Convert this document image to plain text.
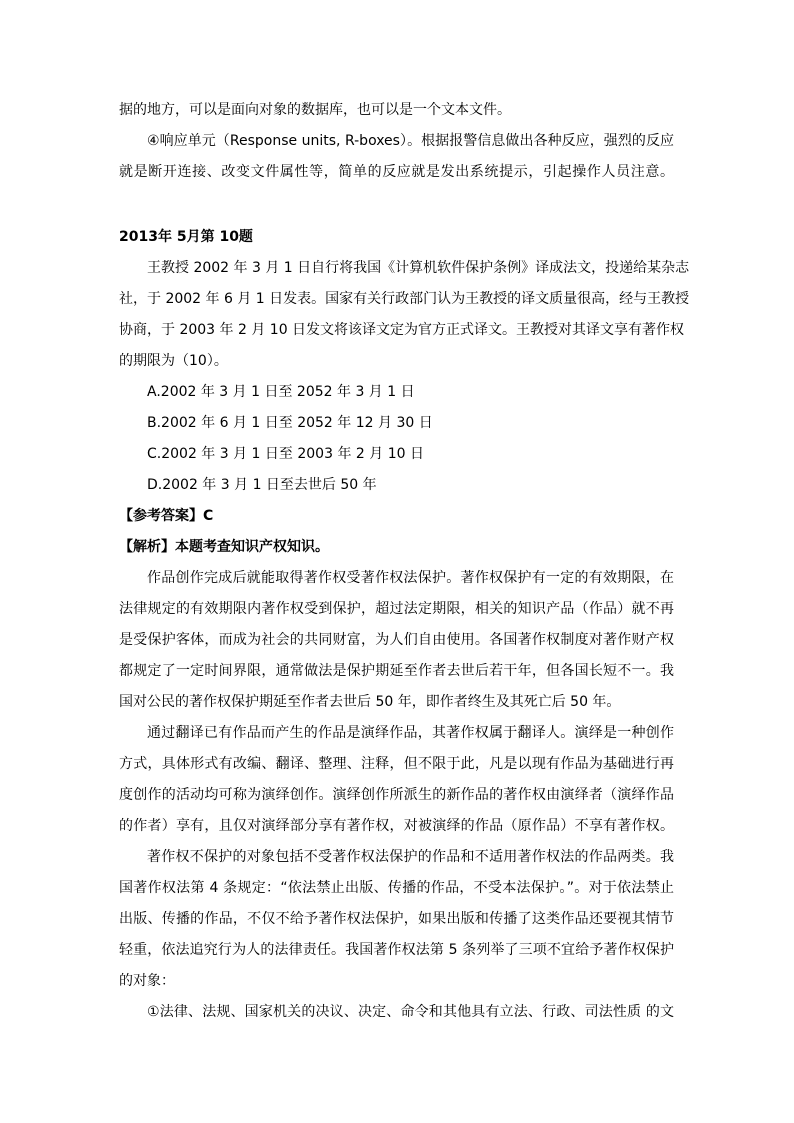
据的地方，可以是面向对象的数据库，也可以是一个文本文件。
④响应单元（Response units, R-boxes）。根据报警信息做出各种反应，强烈的反应
就是断开连接、改变文件属性等，简单的反应就是发出系统提示，引起操作人员注意。
2013年 5月第 10题
王教授 2002 年 3 月 1 日自行将我国《计算机软件保护条例》译成法文，投递给某杂志
社，于 2002 年 6 月 1 日发表。国家有关行政部门认为王教授的译文质量很高，经与王教授
协商，于 2003 年 2 月 10 日发文将该译文定为官方正式译文。王教授对其译文享有著作权
的期限为（10）。
A.2002 年 3 月 1 日至 2052 年 3 月 1 日
B.2002 年 6 月 1 日至 2052 年 12 月 30 日
C.2002 年 3 月 1 日至 2003 年 2 月 10 日
D.2002 年 3 月 1 日至去世后 50 年
【参考答案】C
【解析】本题考查知识产权知识。
作品创作完成后就能取得著作权受著作权法保护。著作权保护有一定的有效期限，在
法律规定的有效期限内著作权受到保护，超过法定期限，相关的知识产品（作品）就不再
是受保护客体，而成为社会的共同财富，为人们自由使用。各国著作权制度对著作财产权
都规定了一定时间界限，通常做法是保护期延至作者去世后若干年，但各国长短不一。我
国对公民的著作权保护期延至作者去世后 50 年，即作者终生及其死亡后 50 年。
通过翻译已有作品而产生的作品是演绎作品，其著作权属于翻译人。演绎是一种创作
方式，具体形式有改编、翻译、整理、注释，但不限于此，凡是以现有作品为基础进行再
度创作的活动均可称为演绎创作。演绎创作所派生的新作品的著作权由演绎者（演绎作品
的作者）享有，且仅对演绎部分享有著作权，对被演绎的作品（原作品）不享有著作权。
著作权不保护的对象包括不受著作权法保护的作品和不适用著作权法的作品两类。我
国著作权法第 4 条规定：“依法禁止出版、传播的作品，不受本法保护。”。对于依法禁止
出版、传播的作品，不仅不给予著作权法保护，如果出版和传播了这类作品还要视其情节
轻重，依法追究行为人的法律责任。我国著作权法第 5 条列举了三项不宜给予著作权保护
的对象：
①法律、法规、国家机关的决议、决定、命令和其他具有立法、行政、司法性质 的文
